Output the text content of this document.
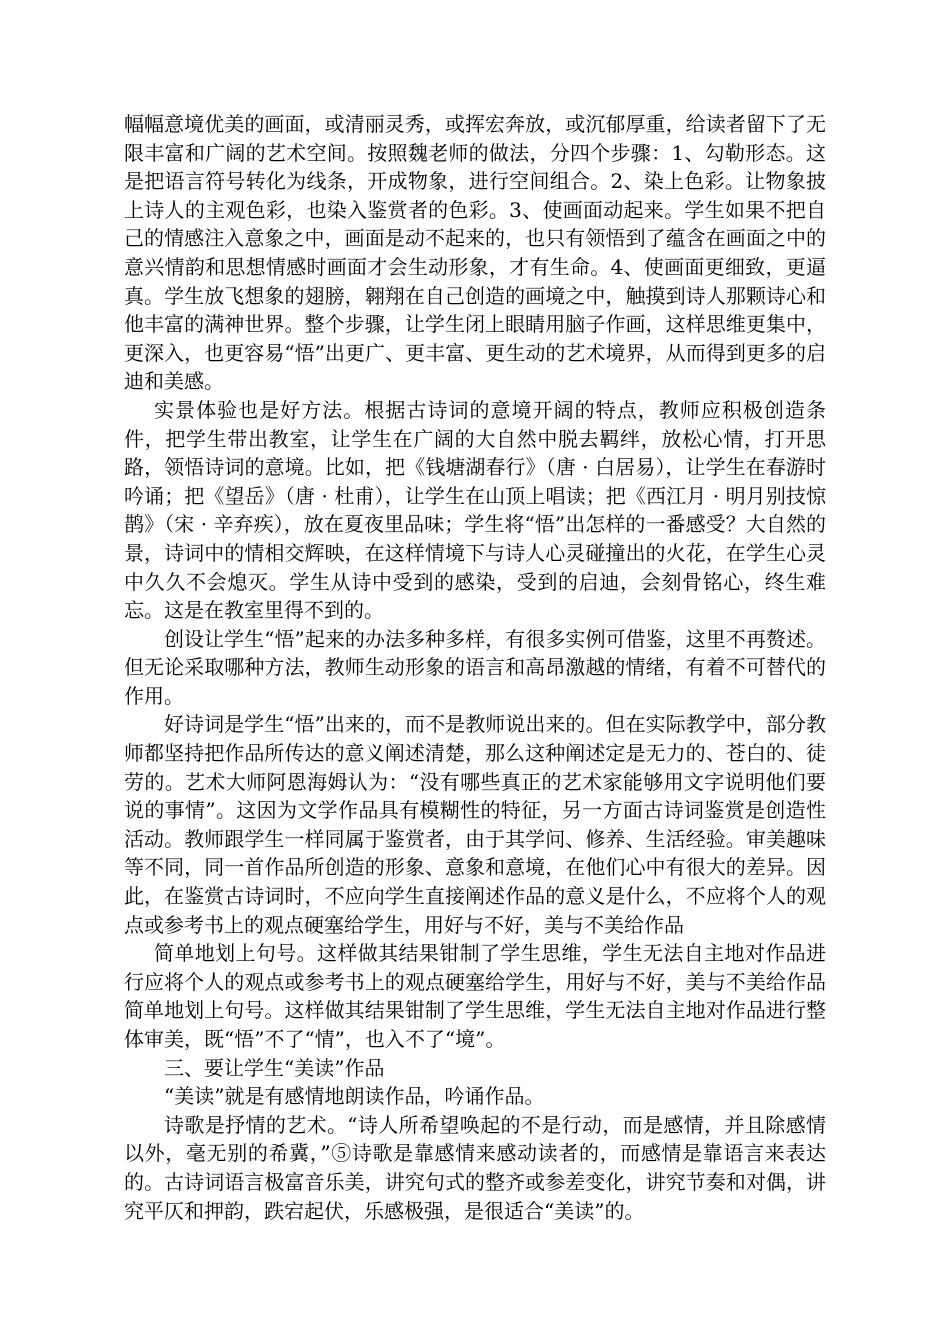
幅幅意境优美的画面，或清丽灵秀，或挥宏奔放，或沉郁厚重，给读者留下了无限丰富和广阔的艺术空间。按照魏老师的做法，分四个步骤：1、勾勒形态。这是把语言符号转化为线条，开成物象，进行空间组合。2、染上色彩。让物象披上诗人的主观色彩，也染入鉴赏者的色彩。3、使画面动起来。学生如果不把自己的情感注入意象之中，画面是动不起来的，也只有领悟到了蕴含在画面之中的意兴情韵和思想情感时画面才会生动形象，才有生命。4、使画面更细致，更逼真。学生放飞想象的翅膀，翱翔在自己创造的画境之中，触摸到诗人那颗诗心和他丰富的满神世界。整个步骤，让学生闭上眼睛用脑子作画，这样思维更集中，更深入，也更容易“悟”出更广、更丰富、更生动的艺术境界，从而得到更多的启迪和美感。

实景体验也是好方法。根据古诗词的意境开阔的特点，教师应积极创造条件，把学生带出教室，让学生在广阔的大自然中脱去羁绊，放松心情，打开思路，领悟诗词的意境。比如，把《钱塘湖春行》（唐 · 白居易），让学生在春游时吟诵；把《望岳》（唐 · 杜甫），让学生在山顶上唱读；把《西江月 · 明月别技惊鹊》（宋 · 辛弃疾），放在夏夜里品味；学生将“悟”出怎样的一番感受？大自然的景，诗词中的情相交辉映，在这样情境下与诗人心灵碰撞出的火花，在学生心灵中久久不会熄灭。学生从诗中受到的感染，受到的启迪，会刻骨铭心，终生难忘。这是在教室里得不到的。

创设让学生“悟”起来的办法多种多样，有很多实例可借鉴，这里不再赘述。但无论采取哪种方法，教师生动形象的语言和高昂激越的情绪，有着不可替代的作用。

好诗词是学生“悟”出来的，而不是教师说出来的。但在实际教学中，部分教师都坚持把作品所传达的意义阐述清楚，那么这种阐述定是无力的、苍白的、徒劳的。艺术大师阿恩海姆认为：“没有哪些真正的艺术家能够用文字说明他们要说的事情”。这因为文学作品具有模糊性的特征，另一方面古诗词鉴赏是创造性活动。教师跟学生一样同属于鉴赏者，由于其学问、修养、生活经验。审美趣味等不同，同一首作品所创造的形象、意象和意境，在他们心中有很大的差异。因此，在鉴赏古诗词时，不应向学生直接阐述作品的意义是什么，不应将个人的观点或参考书上的观点硬塞给学生，用好与不好，美与不美给作品

简单地划上句号。这样做其结果钳制了学生思维，学生无法自主地对作品进行应将个人的观点或参考书上的观点硬塞给学生，用好与不好，美与不美给作品简单地划上句号。这样做其结果钳制了学生思维，学生无法自主地对作品进行整体审美，既“悟”不了“情”，也入不了“境”。

三、要让学生“美读”作品

“美读”就是有感情地朗读作品，吟诵作品。

诗歌是抒情的艺术。“诗人所希望唤起的不是行动，而是感情，并且除感情以外，毫无别的希冀，”⑤诗歌是靠感情来感动读者的，而感情是靠语言来表达的。古诗词语言极富音乐美，讲究句式的整齐或参差变化，讲究节奏和对偶，讲究平仄和押韵，跌宕起伏，乐感极强，是很适合“美读”的。
